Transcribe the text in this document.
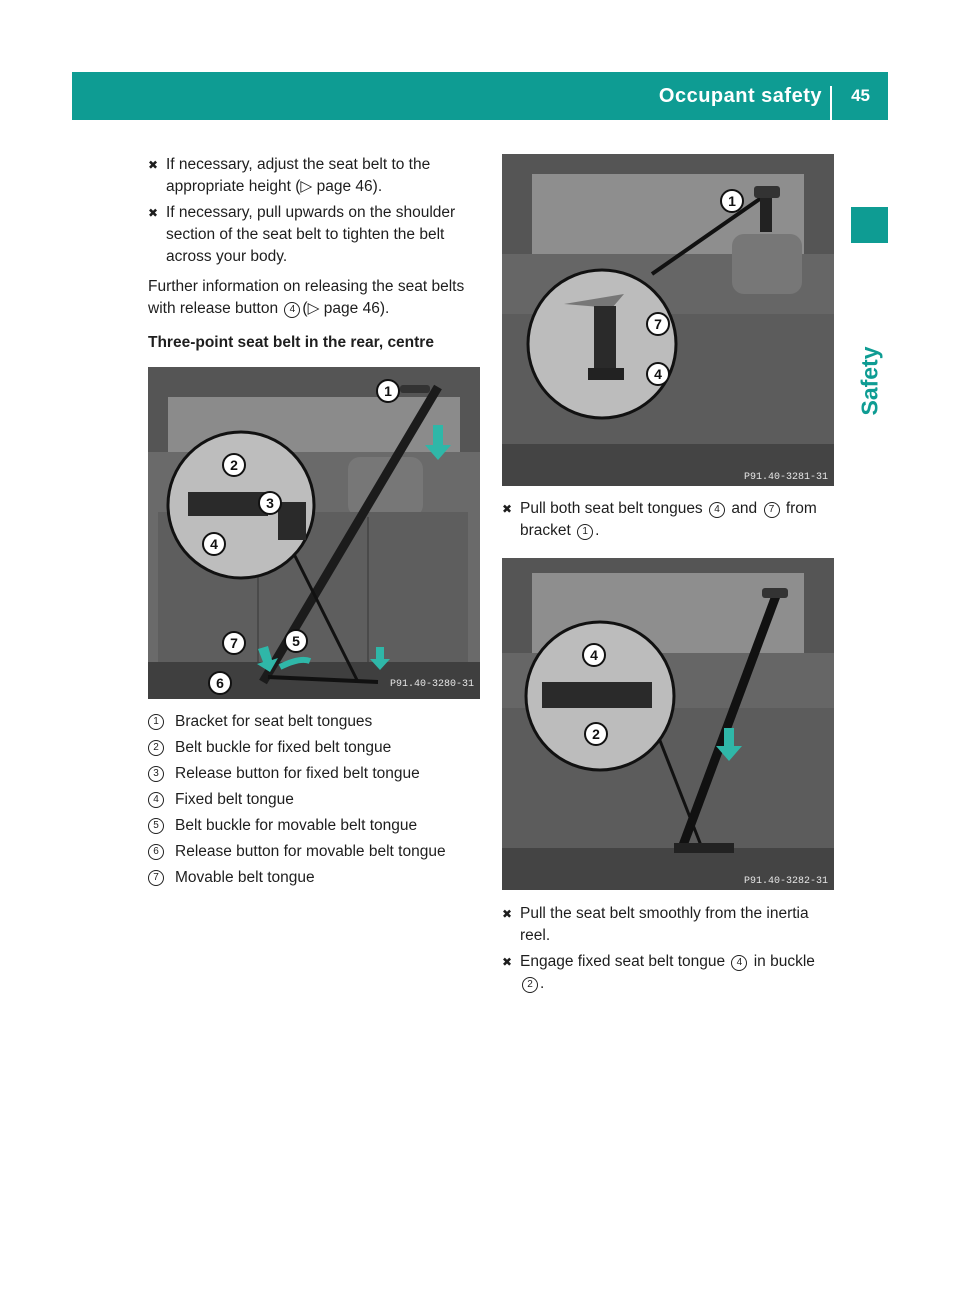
Occupant safety 45
Safety
✖ If necessary, adjust the seat belt to the appropriate height (▷ page 46).
✖ If necessary, pull upwards on the shoulder section of the seat belt to tighten the belt across your body.
Further information on releasing the seat belts with release button 4 (▷ page 46).
Three-point seat belt in the rear, centre
1
2
3
4
5
6
7
P91.40-3280-31
1	Bracket for seat belt tongues
2	Belt buckle for fixed belt tongue
3	Release button for fixed belt tongue
4	Fixed belt tongue
5	Belt buckle for movable belt tongue
6	Release button for movable belt tongue
7	Movable belt tongue
1
7
4
P91.40-3281-31
✖ Pull both seat belt tongues 4 and 7 from bracket 1 .
4
2
P91.40-3282-31
✖ Pull the seat belt smoothly from the inertia reel.
✖ Engage fixed seat belt tongue 4 in buckle 2 .
